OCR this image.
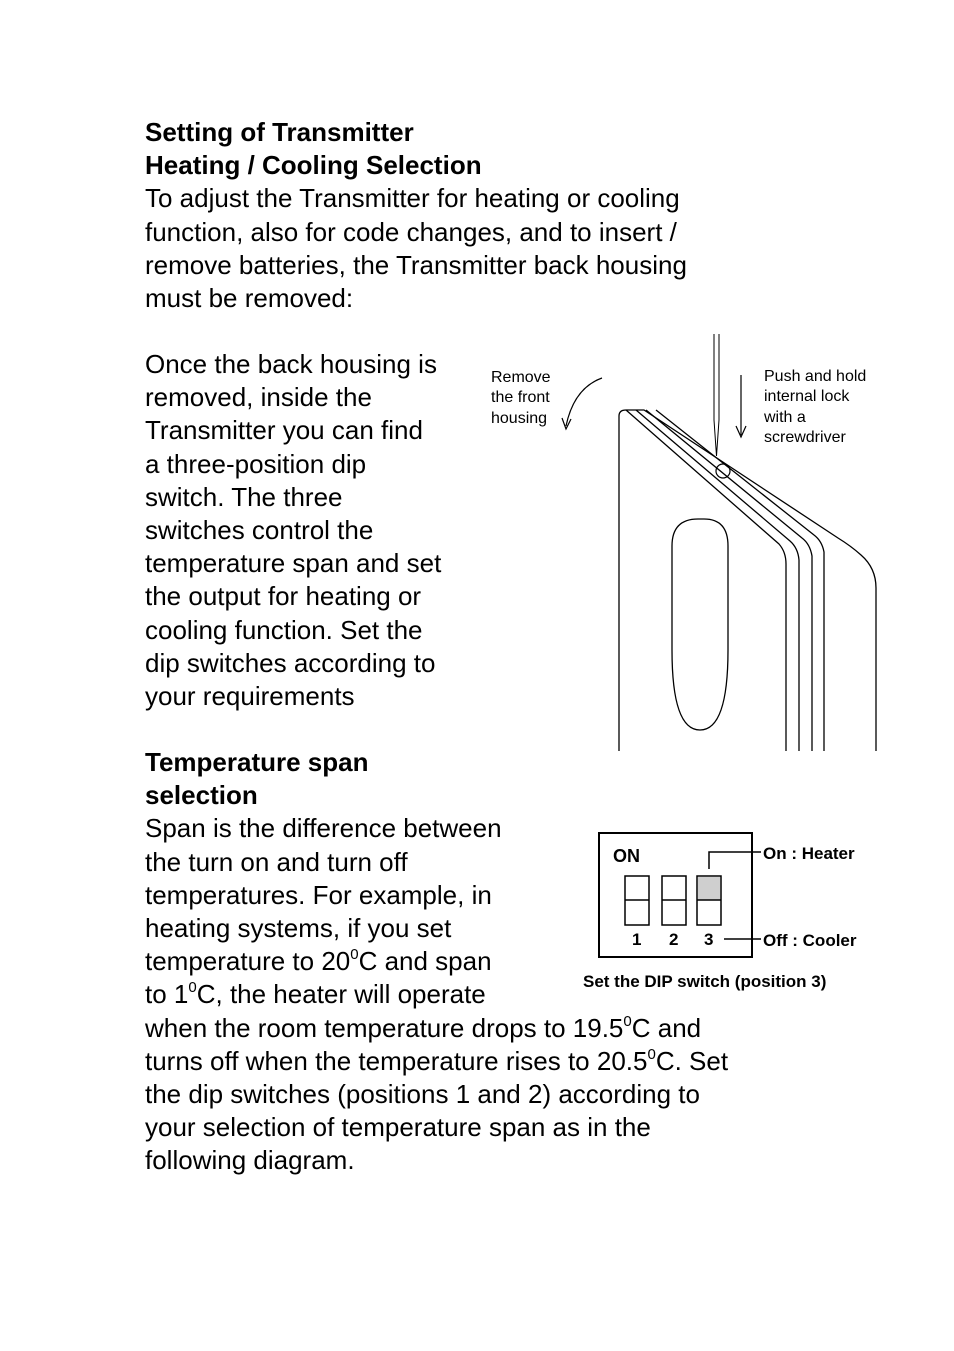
Setting of Transmitter
Heating / Cooling Selection
To adjust the Transmitter for heating or cooling
function, also for code changes, and to insert /
remove batteries, the Transmitter back housing
must be removed:
Once the back housing is
removed, inside the
Transmitter you can find
a three-position dip
switch. The three
switches control the
temperature span and set
the output for heating or
cooling function. Set the
dip switches according to
your requirements
Temperature span
selection
Span is the difference between
the turn on and turn off
temperatures. For example, in
heating systems, if you set
temperature to $20^0C$ and span
to $1^0C$, the heater will operate
when the room temperature drops to 19.5$^0$C and
turns off when the temperature rises to 20.5$^0$C. Set
the dip switches (positions 1 and 2) according to
your selection of temperature span as in the
following diagram.
Remove
the front
housing
Push and hold
internal lock
with a
screwdriver
ON
1 2 3
On : Heater
Off : Cooler
Set the DIP switch (position 3)
